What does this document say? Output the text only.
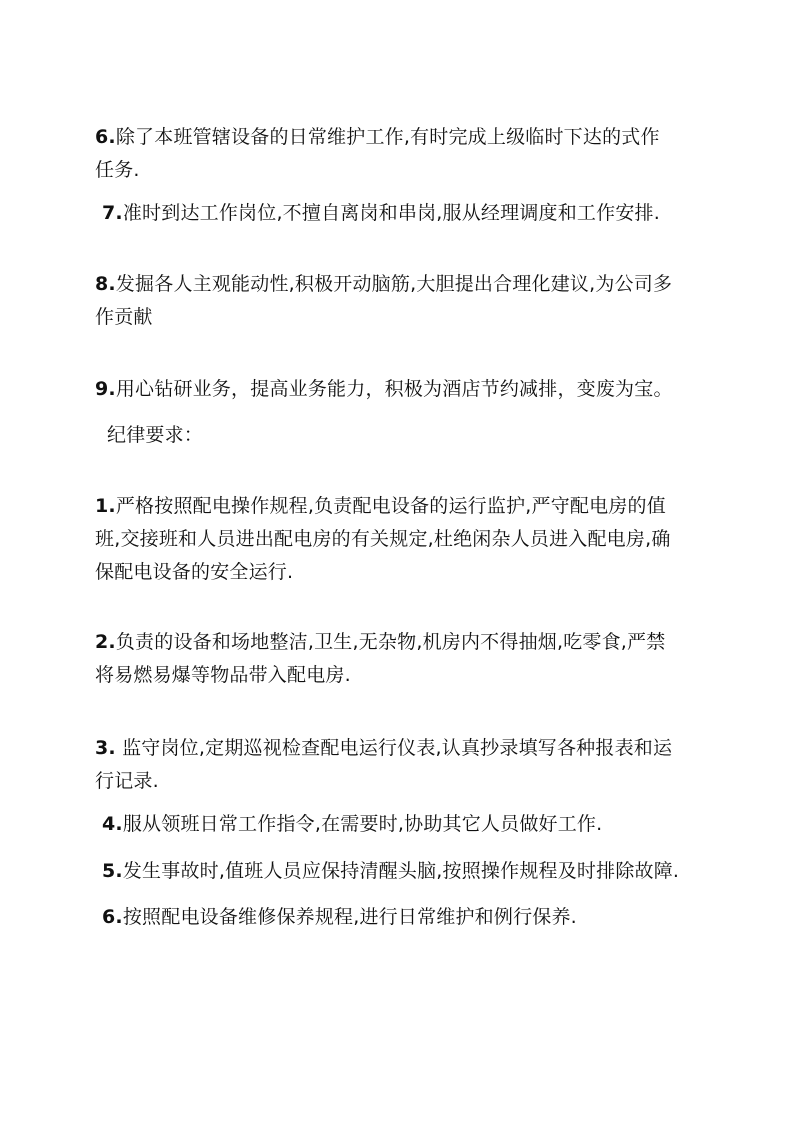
6.除了本班管辖设备的日常维护工作,有时完成上级临时下达的式作
任务.
7.准时到达工作岗位,不擅自离岗和串岗,服从经理调度和工作安排.
8.发掘各人主观能动性,积极开动脑筋,大胆提出合理化建议,为公司多
作贡献
9.用心钻研业务，提高业务能力，积极为酒店节约减排，变废为宝。
纪律要求：
1.严格按照配电操作规程,负责配电设备的运行监护,严守配电房的值
班,交接班和人员进出配电房的有关规定,杜绝闲杂人员进入配电房,确
保配电设备的安全运行.
2.负责的设备和场地整洁,卫生,无杂物,机房内不得抽烟,吃零食,严禁
将易燃易爆等物品带入配电房.
3. 监守岗位,定期巡视检查配电运行仪表,认真抄录填写各种报表和运
行记录.
4.服从领班日常工作指令,在需要时,协助其它人员做好工作.
5.发生事故时,值班人员应保持清醒头脑,按照操作规程及时排除故障.
6.按照配电设备维修保养规程,进行日常维护和例行保养.
